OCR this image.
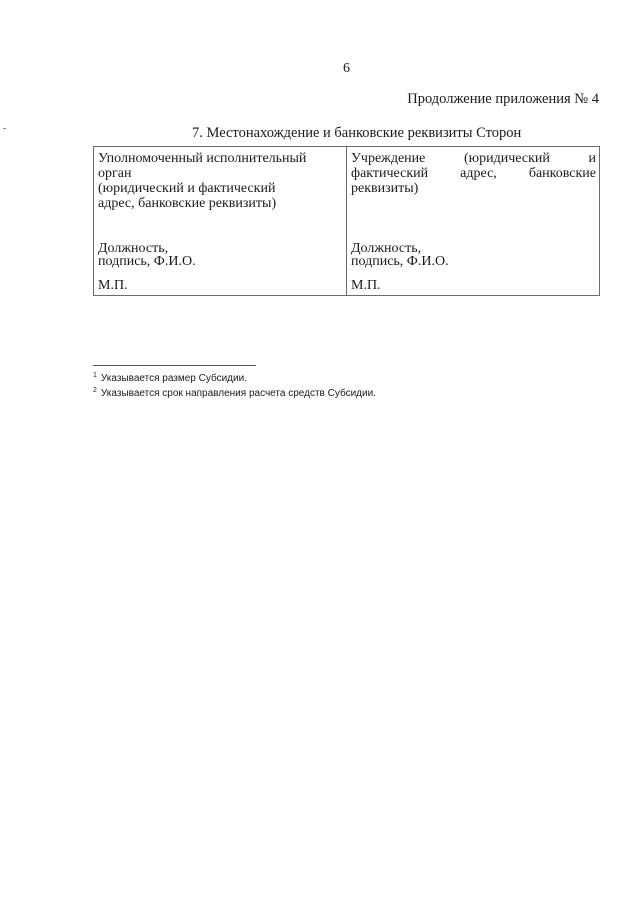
6
Продолжение приложения № 4
7. Местонахождение и банковские реквизиты Сторон
Уполномоченный исполнительный
орган
(юридический и фактический
адрес, банковские реквизиты)
Должность,
подпись, Ф.И.О.
М.П.
Учреждение (юридический и фактический адрес, банковские реквизиты)
Должность,
подпись, Ф.И.О.
М.П.
$^1$ Указывается размер Субсидии.
$^2$ Указывается срок направления расчета средств Субсидии.
